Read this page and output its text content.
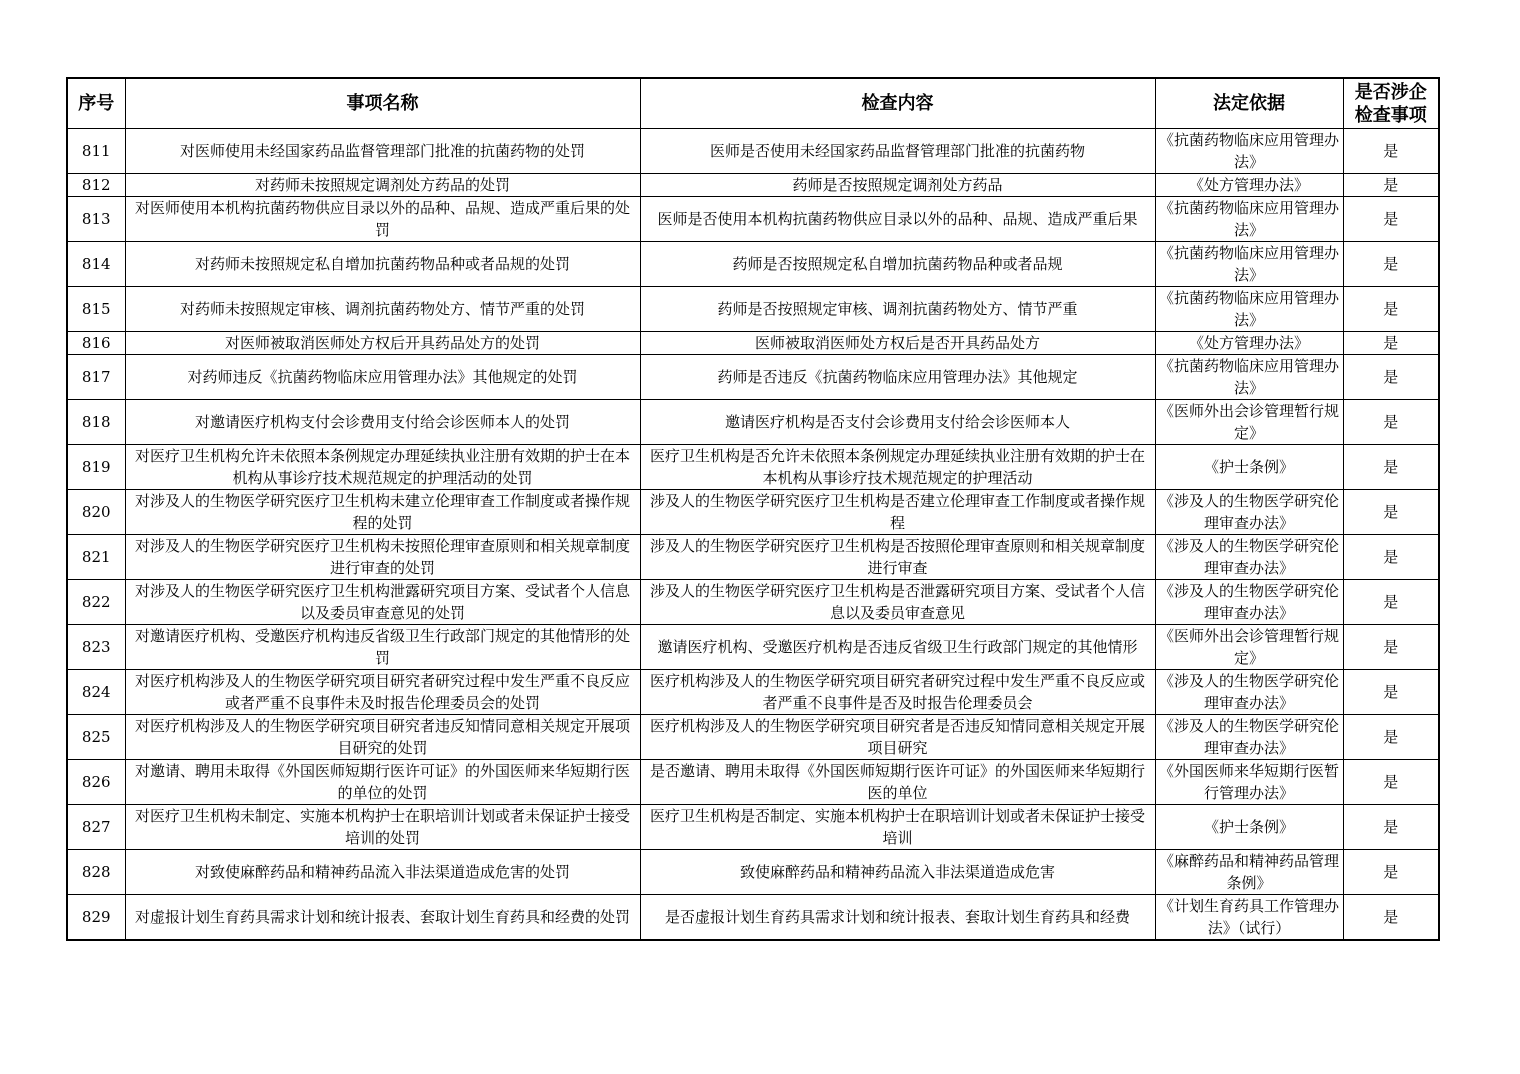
序号	事项名称	检查内容	法定依据	是否涉企检查事项
811	对医师使用未经国家药品监督管理部门批准的抗菌药物的处罚	医师是否使用未经国家药品监督管理部门批准的抗菌药物	《抗菌药物临床应用管理办法》	是
812	对药师未按照规定调剂处方药品的处罚	药师是否按照规定调剂处方药品	《处方管理办法》	是
813	对医师使用本机构抗菌药物供应目录以外的品种、品规、造成严重后果的处罚	医师是否使用本机构抗菌药物供应目录以外的品种、品规、造成严重后果	《抗菌药物临床应用管理办法》	是
814	对药师未按照规定私自增加抗菌药物品种或者品规的处罚	药师是否按照规定私自增加抗菌药物品种或者品规	《抗菌药物临床应用管理办法》	是
815	对药师未按照规定审核、调剂抗菌药物处方、情节严重的处罚	药师是否按照规定审核、调剂抗菌药物处方、情节严重	《抗菌药物临床应用管理办法》	是
816	对医师被取消医师处方权后开具药品处方的处罚	医师被取消医师处方权后是否开具药品处方	《处方管理办法》	是
817	对药师违反《抗菌药物临床应用管理办法》其他规定的处罚	药师是否违反《抗菌药物临床应用管理办法》其他规定	《抗菌药物临床应用管理办法》	是
818	对邀请医疗机构支付会诊费用支付给会诊医师本人的处罚	邀请医疗机构是否支付会诊费用支付给会诊医师本人	《医师外出会诊管理暂行规定》	是
819	对医疗卫生机构允许未依照本条例规定办理延续执业注册有效期的护士在本机构从事诊疗技术规范规定的护理活动的处罚	医疗卫生机构是否允许未依照本条例规定办理延续执业注册有效期的护士在本机构从事诊疗技术规范规定的护理活动	《护士条例》	是
820	对涉及人的生物医学研究医疗卫生机构未建立伦理审查工作制度或者操作规程的处罚	涉及人的生物医学研究医疗卫生机构是否建立伦理审查工作制度或者操作规程	《涉及人的生物医学研究伦理审查办法》	是
821	对涉及人的生物医学研究医疗卫生机构未按照伦理审查原则和相关规章制度进行审查的处罚	涉及人的生物医学研究医疗卫生机构是否按照伦理审查原则和相关规章制度进行审查	《涉及人的生物医学研究伦理审查办法》	是
822	对涉及人的生物医学研究医疗卫生机构泄露研究项目方案、受试者个人信息以及委员审查意见的处罚	涉及人的生物医学研究医疗卫生机构是否泄露研究项目方案、受试者个人信息以及委员审查意见	《涉及人的生物医学研究伦理审查办法》	是
823	对邀请医疗机构、受邀医疗机构违反省级卫生行政部门规定的其他情形的处罚	邀请医疗机构、受邀医疗机构是否违反省级卫生行政部门规定的其他情形	《医师外出会诊管理暂行规定》	是
824	对医疗机构涉及人的生物医学研究项目研究者研究过程中发生严重不良反应或者严重不良事件未及时报告伦理委员会的处罚	医疗机构涉及人的生物医学研究项目研究者研究过程中发生严重不良反应或者严重不良事件是否及时报告伦理委员会	《涉及人的生物医学研究伦理审查办法》	是
825	对医疗机构涉及人的生物医学研究项目研究者违反知情同意相关规定开展项目研究的处罚	医疗机构涉及人的生物医学研究项目研究者是否违反知情同意相关规定开展项目研究	《涉及人的生物医学研究伦理审查办法》	是
826	对邀请、聘用未取得《外国医师短期行医许可证》的外国医师来华短期行医的单位的处罚	是否邀请、聘用未取得《外国医师短期行医许可证》的外国医师来华短期行医的单位	《外国医师来华短期行医暂行管理办法》	是
827	对医疗卫生机构未制定、实施本机构护士在职培训计划或者未保证护士接受培训的处罚	医疗卫生机构是否制定、实施本机构护士在职培训计划或者未保证护士接受培训	《护士条例》	是
828	对致使麻醉药品和精神药品流入非法渠道造成危害的处罚	致使麻醉药品和精神药品流入非法渠道造成危害	《麻醉药品和精神药品管理条例》	是
829	对虚报计划生育药具需求计划和统计报表、套取计划生育药具和经费的处罚	是否虚报计划生育药具需求计划和统计报表、套取计划生育药具和经费	《计划生育药具工作管理办法》（试行）	是
